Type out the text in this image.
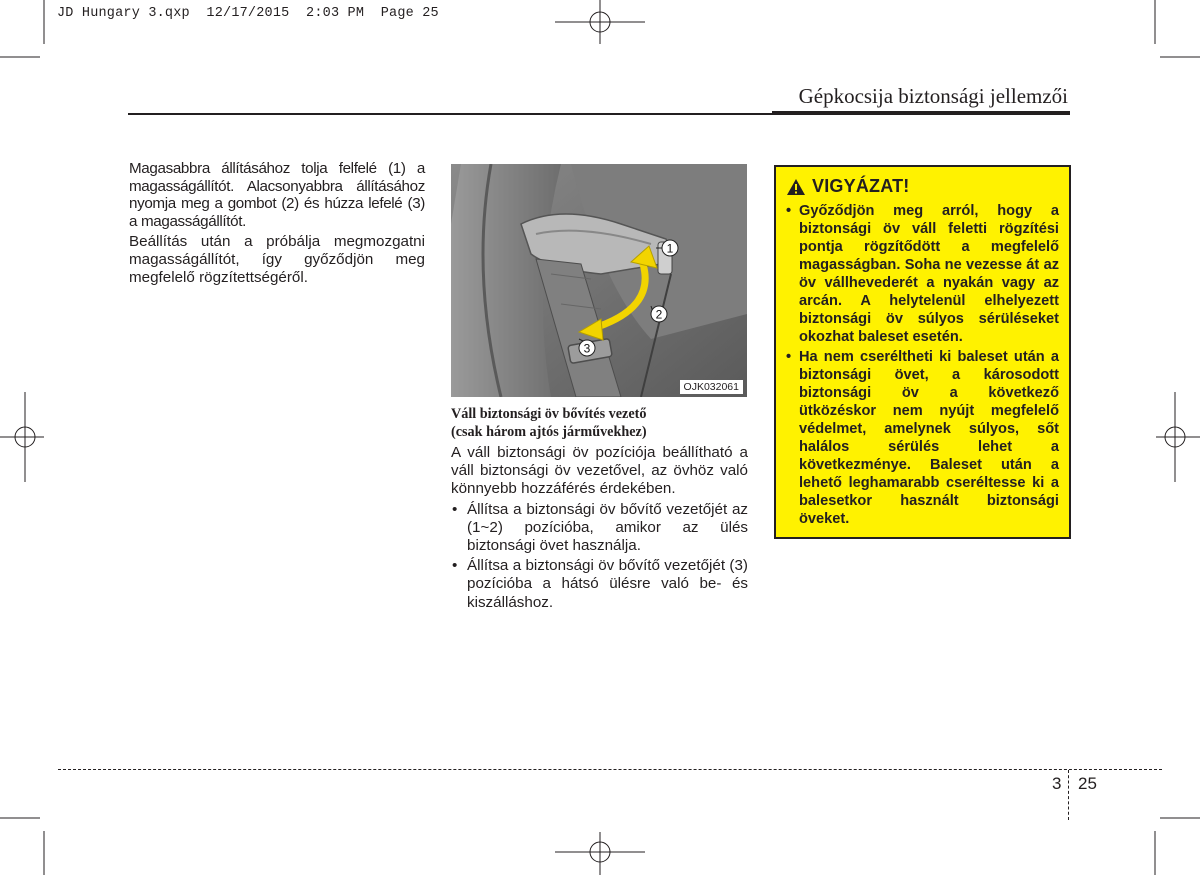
JD Hungary 3.qxp  12/17/2015  2:03 PM  Page 25
Gépkocsija biztonsági jellemzői

Magasabbra állításához tolja felfelé (1) a magasságállítót. Alacsonyabbra állításához nyomja meg a gombot (2) és húzza lefelé (3) a magasságállítót.

Beállítás után a próbálja megmozgatni magasságállítót, így győződjön meg megfelelő rögzítettségéről.

1
2
3
OJK032061
Váll biztonsági öv bővítés vezető
(csak három ajtós járművekhez)

A váll biztonsági öv pozíciója beállítható a váll biztonsági öv vezetővel, az övhöz való könnyebb hozzáférés érdekében.

• Állítsa a biztonsági öv bővítő vezetőjét az (1~2) pozícióba, amikor az ülés biztonsági övet használja.
• Állítsa a biztonsági öv bővítő vezetőjét (3) pozícióba a hátsó ülésre való be- és kiszálláshoz.
VIGYÁZAT!
• Győződjön meg arról, hogy a biztonsági öv váll feletti rögzítési pontja rögzítődött a megfelelő magasságban. Soha ne vezesse át az öv vállhevederét a nyakán vagy az arcán. A helytelenül elhelyezett biztonsági öv súlyos sérüléseket okozhat baleset esetén.
• Ha nem cseréltheti ki baleset után a biztonsági övet, a károsodott biztonsági öv a következő ütközéskor nem nyújt megfelelő védelmet, amelynek súlyos, sőt halálos sérülés lehet a következménye. Baleset után a lehető leghamarabb cseréltesse ki a balesetkor használt biztonsági öveket.
3 25
